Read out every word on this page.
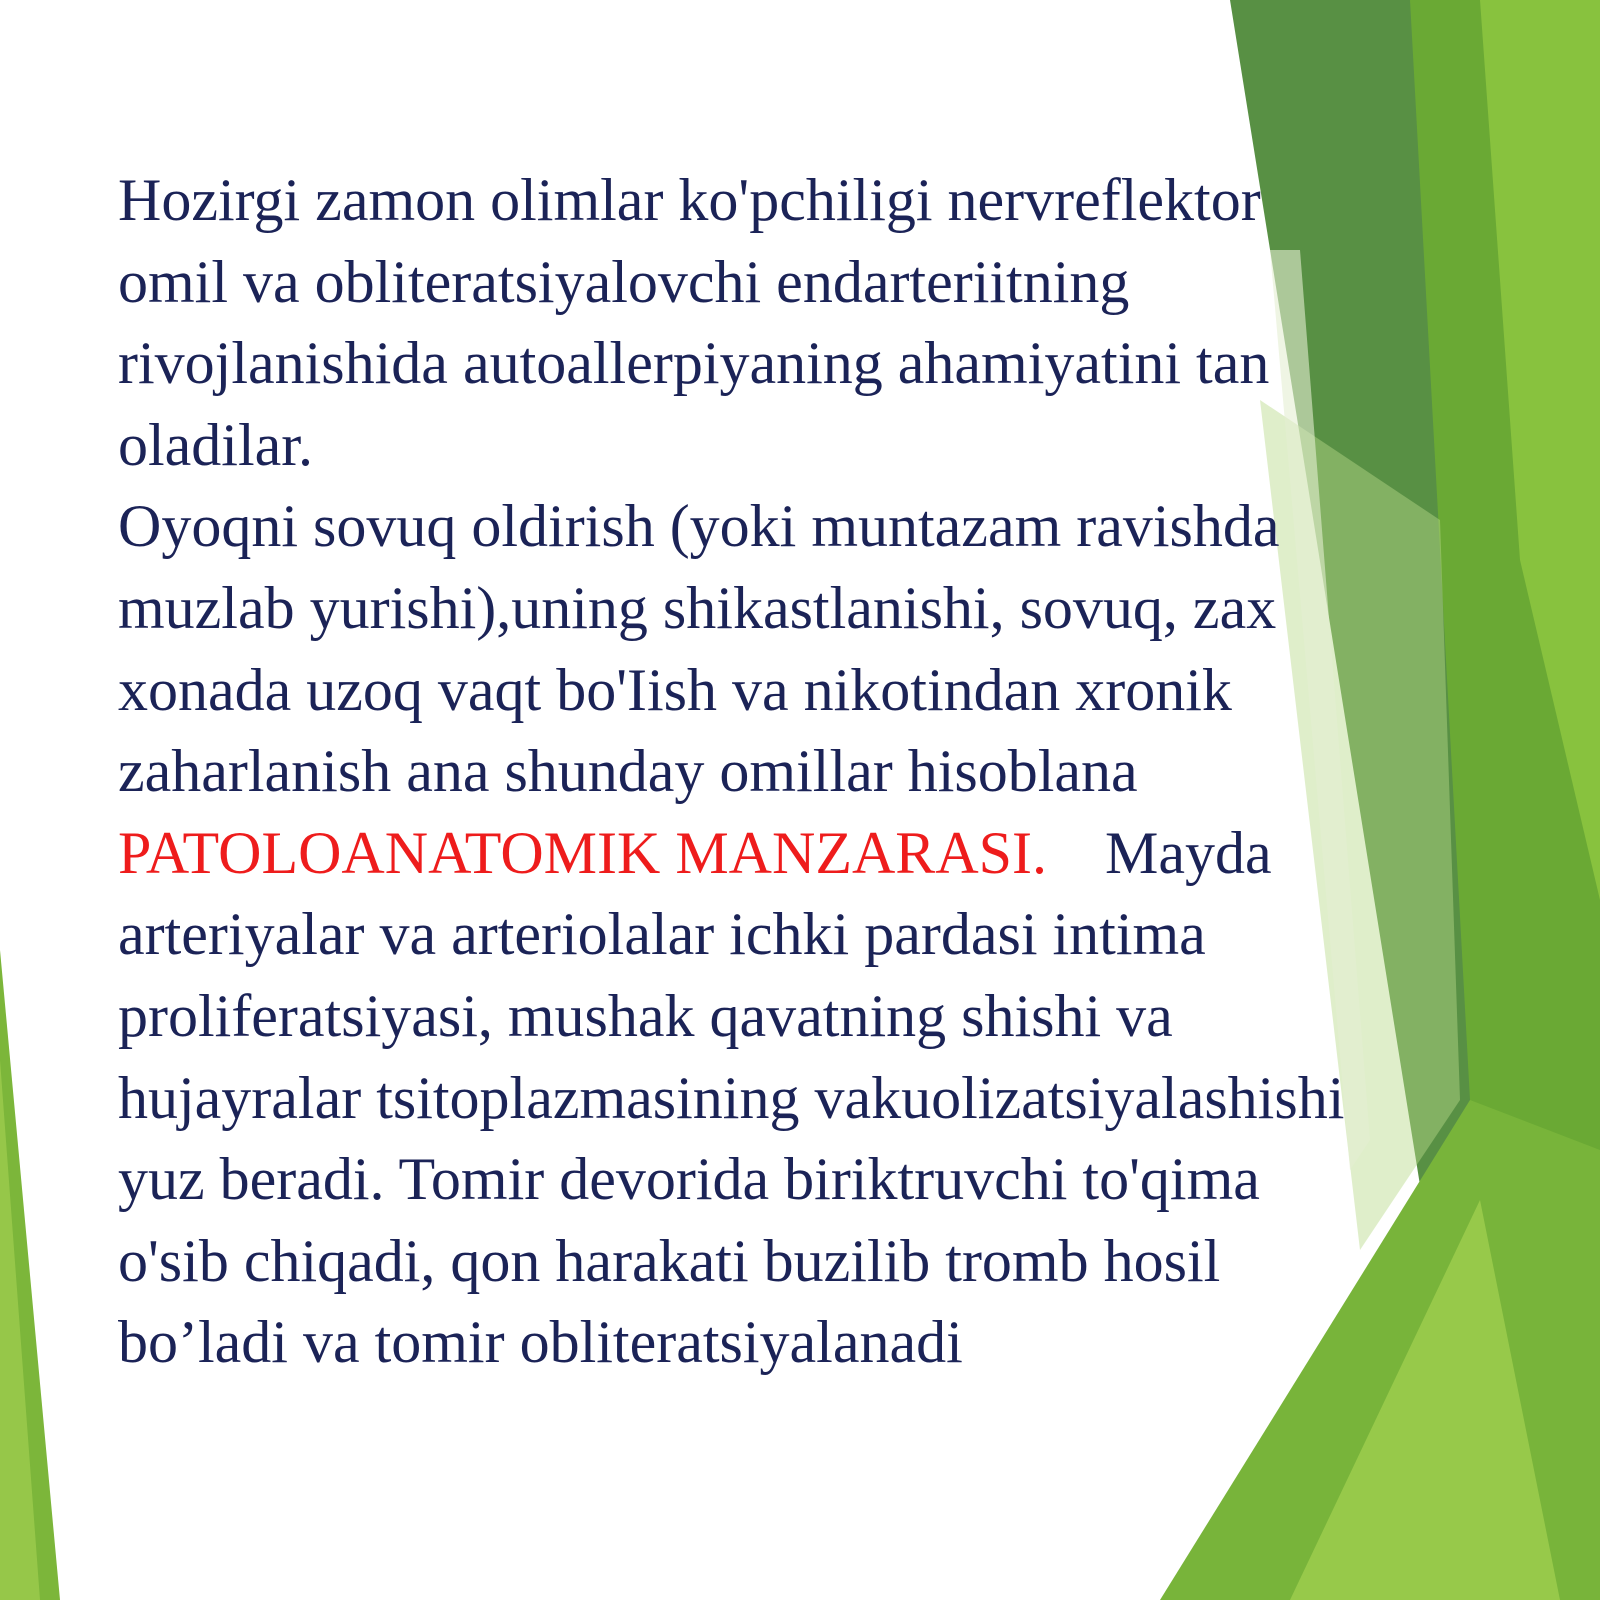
Hozirgi zamon olimlar ko'pchiligi nervreflektor
omil va obliteratsiyalovchi endarteriitning
rivojlanishida autoallerpiyaning ahamiyatini tan
oladilar.
Oyoqni sovuq oldirish (yoki muntazam ravishda
muzlab yurishi),uning shikastlanishi, sovuq, zax
xonada uzoq vaqt bo'Iish va nikotindan xronik
zaharlanish ana shunday omillar hisoblana
PATOLOANATOMIK MANZARASI. Mayda
arteriyalar va arteriolalar ichki pardasi intima
proliferatsiyasi, mushak qavatning shishi va
hujayralar tsitoplazmasining vakuolizatsiyalashishi
yuz beradi. Tomir devorida biriktruvchi to'qima
o'sib chiqadi, qon harakati buzilib tromb hosil
bo’ladi va tomir obliteratsiyalanadi
